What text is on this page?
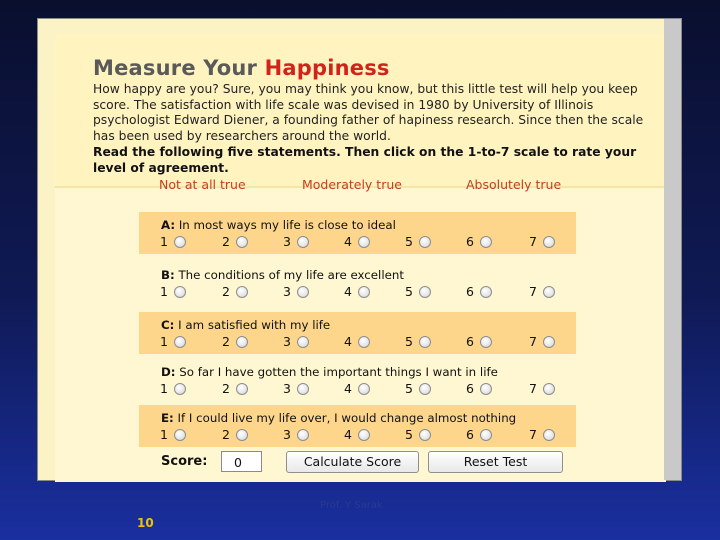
Measure Your Happiness
How happy are you? Sure, you may think you know, but this little test will help you keep score. The satisfaction with life scale was devised in 1980 by University of Illinois psychologist Edward Diener, a founding father of hapiness research. Since then the scale has been used by researchers around the world.
Read the following five statements. Then click on the 1-to-7 scale to rate your level of agreement.
Not at all true	Moderately true	Absolutely true
A: In most ways my life is close to ideal
1	2	3	4	5	6	7
B: The conditions of my life are excellent
1	2	3	4	5	6	7
C: I am satisfied with my life
1	2	3	4	5	6	7
D: So far I have gotten the important things I want in life
1	2	3	4	5	6	7
E: If I could live my life over, I would change almost nothing
1	2	3	4	5	6	7
Score:
0	Calculate Score	Reset Test
Prof. Y Sarak
10
